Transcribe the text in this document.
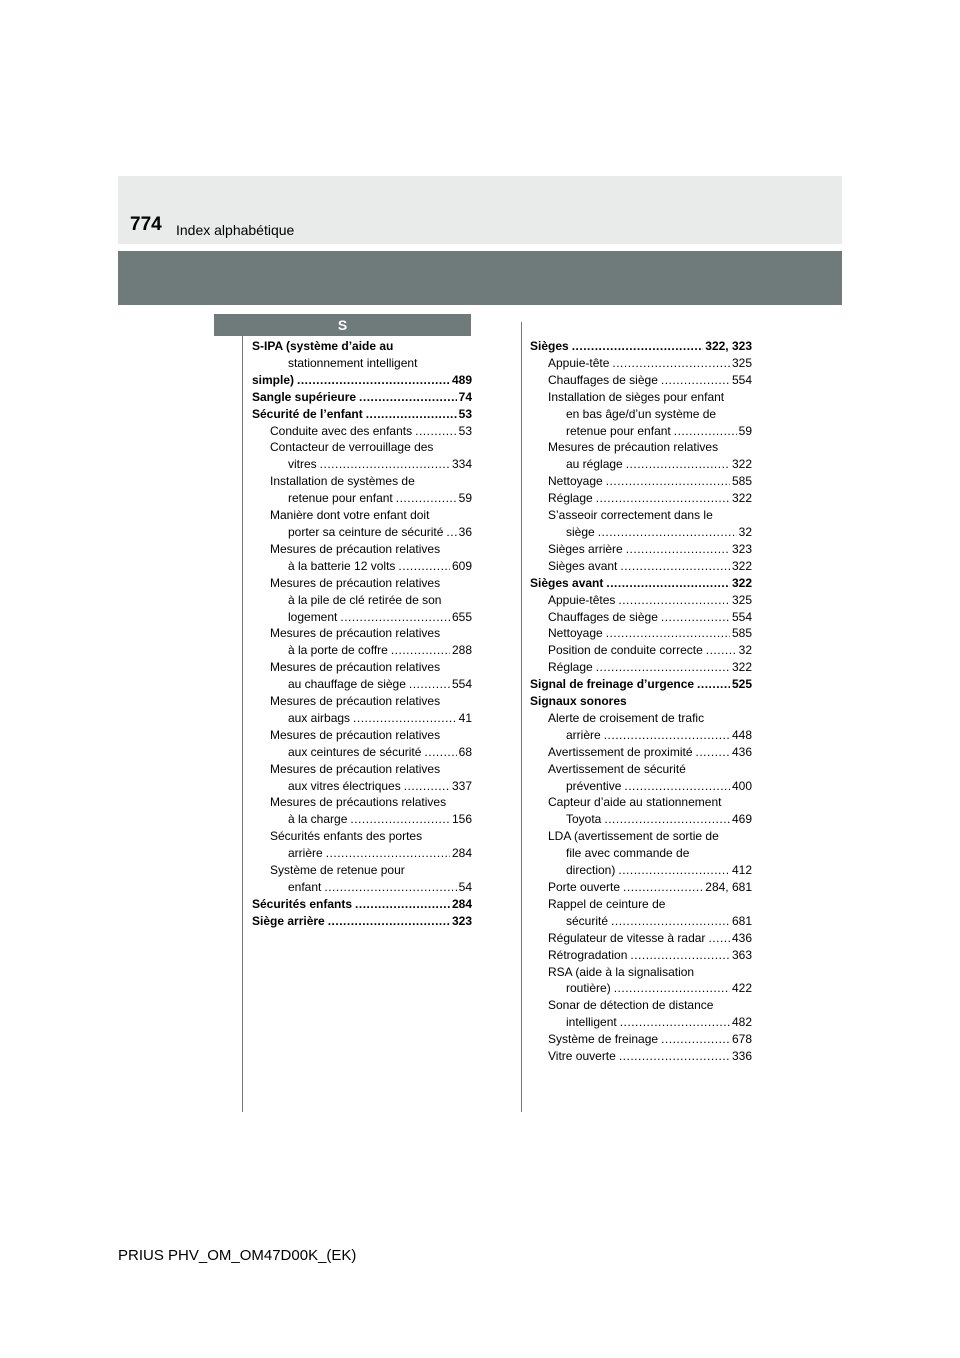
774 Index alphabétique
S
S-IPA (système d’aide au
stationnement intelligent
simple) .....	489
Sangle supérieure .....	74
Sécurité de l’enfant .....	53
Conduite avec des enfants .....	53
Contacteur de verrouillage des
vitres .....	334
Installation de systèmes de
retenue pour enfant .....	59
Manière dont votre enfant doit
porter sa ceinture de sécurité ..... 36
Mesures de précaution relatives
à la batterie 12 volts .....	609
Mesures de précaution relatives
à la pile de clé retirée de son
logement .....	655
Mesures de précaution relatives
à la porte de coffre .....	288
Mesures de précaution relatives
au chauffage de siège .....	554
Mesures de précaution relatives
aux airbags .....	41
Mesures de précaution relatives
aux ceintures de sécurité .....	68
Mesures de précaution relatives
aux vitres électriques .....	337
Mesures de précautions relatives
à la charge .....	156
Sécurités enfants des portes
arrière .....	284
Système de retenue pour
enfant .....	54
Sécurités enfants .....	284
Siège arrière .....	323
Sièges .....	322, 323
Appuie-tête .....	325
Chauffages de siège .....	554
Installation de sièges pour enfant
en bas âge/d’un système de
retenue pour enfant .....	59
Mesures de précaution relatives
au réglage .....	322
Nettoyage .....	585
Réglage .....	322
S’asseoir correctement dans le
siège .....	32
Sièges arrière .....	323
Sièges avant .....	322
Sièges avant .....	322
Appuie-têtes .....	325
Chauffages de siège .....	554
Nettoyage .....	585
Position de conduite correcte .....	32
Réglage .....	322
Signal de freinage d’urgence .....	525
Signaux sonores
Alerte de croisement de trafic
arrière .....	448
Avertissement de proximité .....	436
Avertissement de sécurité
préventive .....	400
Capteur d’aide au stationnement
Toyota .....	469
LDA (avertissement de sortie de
file avec commande de
direction) .....	412
Porte ouverte .....	284, 681
Rappel de ceinture de
sécurité .....	681
Régulateur de vitesse à radar ..... 436
Rétrogradation .....	363
RSA (aide à la signalisation
routière) .....	422
Sonar de détection de distance
intelligent .....	482
Système de freinage .....	678
Vitre ouverte .....	336
PRIUS PHV_OM_OM47D00K_(EK)
